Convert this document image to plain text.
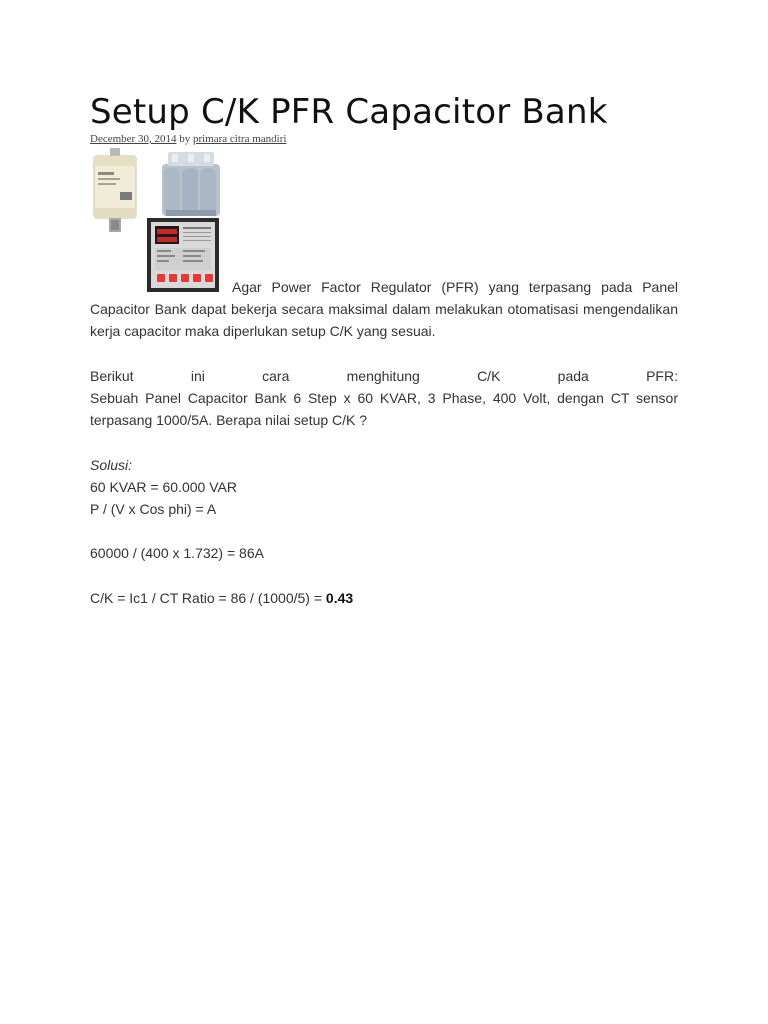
Setup C/K PFR Capacitor Bank
December 30, 2014 by primara citra mandiri

Agar Power Factor Regulator (PFR) yang terpasang pada Panel Capacitor Bank dapat bekerja secara maksimal dalam melakukan otomatisasi mengendalikan kerja capacitor maka diperlukan setup C/K yang sesuai.

Berikut ini cara menghitung C/K pada PFR:
Sebuah Panel Capacitor Bank 6 Step x 60 KVAR, 3 Phase, 400 Volt, dengan CT sensor terpasang 1000/5A. Berapa nilai setup C/K ?
Solusi:
60 KVAR = 60.000 VAR
P / (V x Cos phi) = A
60000 / (400 x 1.732) = 86A
C/K = Ic1 / CT Ratio = 86 / (1000/5) = 0.43
